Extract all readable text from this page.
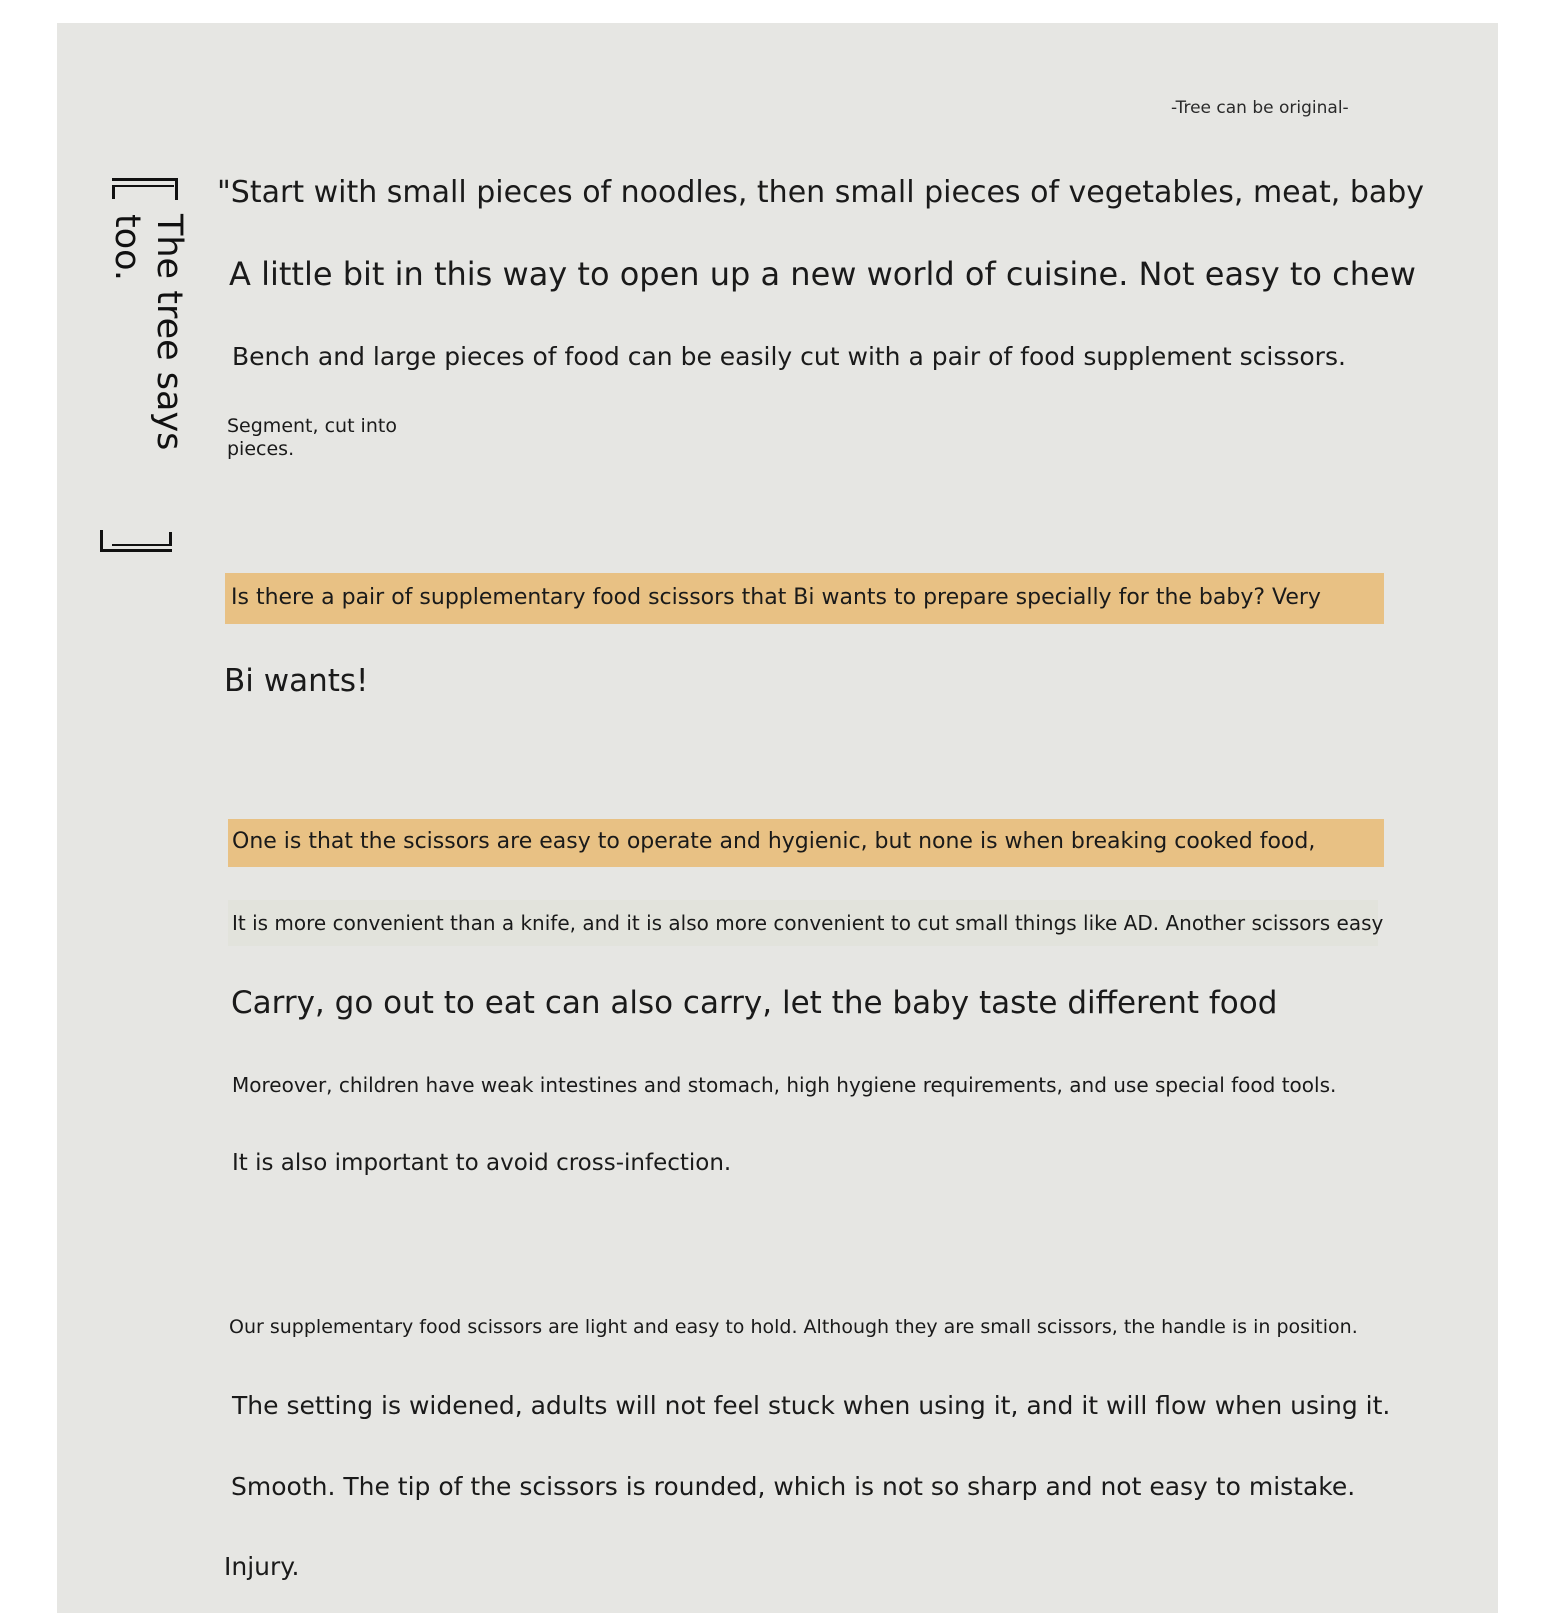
-Tree can be original-
The tree says too.
"Start with small pieces of noodles, then small pieces of vegetables, meat, baby
A little bit in this way to open up a new world of cuisine. Not easy to chew
Bench and large pieces of food can be easily cut with a pair of food supplement scissors.
Segment, cut into pieces.
Is there a pair of supplementary food scissors that Bi wants to prepare specially for the baby? Very
Bi wants!
One is that the scissors are easy to operate and hygienic, but none is when breaking cooked food,
It is more convenient than a knife, and it is also more convenient to cut small things like AD. Another scissors easy
Carry, go out to eat can also carry, let the baby taste different food
Moreover, children have weak intestines and stomach, high hygiene requirements, and use special food tools.
It is also important to avoid cross-infection.
Our supplementary food scissors are light and easy to hold. Although they are small scissors, the handle is in position.
The setting is widened, adults will not feel stuck when using it, and it will flow when using it.
Smooth. The tip of the scissors is rounded, which is not so sharp and not easy to mistake.
Injury.
